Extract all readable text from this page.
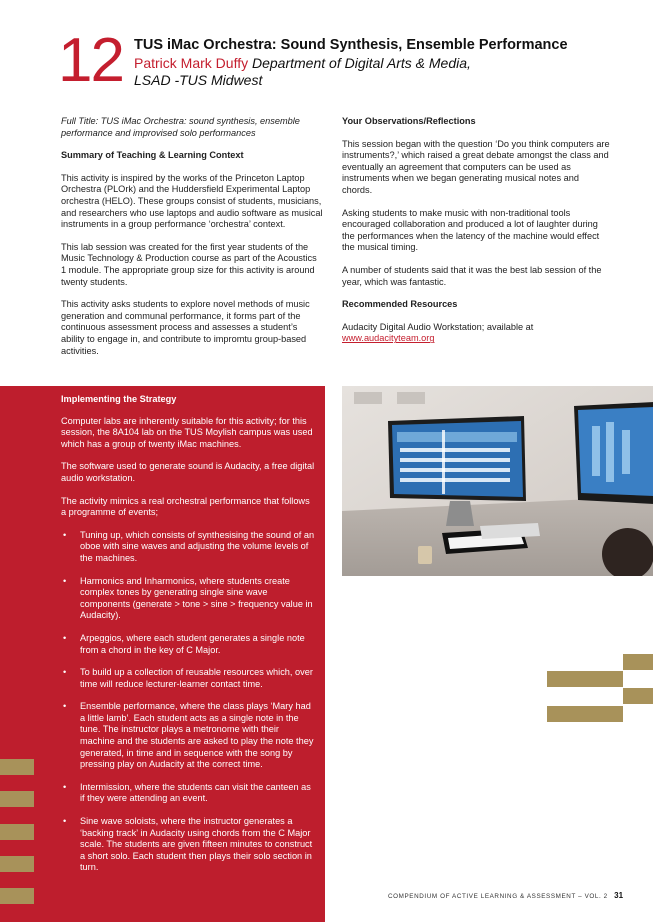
12 TUS iMac Orchestra: Sound Synthesis, Ensemble Performance
Patrick Mark Duffy Department of Digital Arts & Media,
LSAD -TUS Midwest

Full Title: TUS iMac Orchestra: sound synthesis, ensemble performance and improvised solo performances

Summary of Teaching & Learning Context

This activity is inspired by the works of the Princeton Laptop Orchestra (PLOrk) and the Huddersfield Experimental Laptop orchestra (HELO). These groups consist of students, musicians, and researchers who use laptops and audio software as musical instruments in a group performance ‘orchestra’ context.

This lab session was created for the first year students of the Music Technology & Production course as part of the Acoustics 1 module. The appropriate group size for this activity is around twenty students.

This activity asks students to explore novel methods of music generation and communal performance, it forms part of the continuous assessment process and assesses a student’s ability to engage in, and contribute to impromtu group-based activities.

Implementing the Strategy

Computer labs are inherently suitable for this activity; for this session, the 8A104 lab on the TUS Moylish campus was used which has a group of twenty iMac machines.

The software used to generate sound is Audacity, a free digital audio workstation.

The activity mimics a real orchestral performance that follows a programme of events;

• Tuning up, which consists of synthesising the sound of an oboe with sine waves and adjusting the volume levels of the machines.
• Harmonics and Inharmonics, where students create complex tones by generating single sine wave components (generate > tone > sine > frequency value in Audacity).
• Arpeggios, where each student generates a single note from a chord in the key of C Major.
• To build up a collection of reusable resources which, over time will reduce lecturer-learner contact time.
• Ensemble performance, where the class plays ‘Mary had a little lamb’. Each student acts as a single note in the tune. The instructor plays a metronome with their machine and the students are asked to play the note they generated, in time and in sequence with the song by pressing play on Audacity at the correct time.
• Intermission, where the students can visit the canteen as if they were attending an event.
• Sine wave soloists, where the instructor generates a ‘backing track’ in Audacity using chords from the C Major scale. The students are given fifteen minutes to construct a short solo. Each student then plays their solo section in turn.

Your Observations/Reflections

This session began with the question ‘Do you think computers are instruments?,’ which raised a great debate amongst the class and eventually an agreement that computers can be used as instruments when we began generating musical notes and chords.

Asking students to make music with non-traditional tools encouraged collaboration and produced a lot of laughter during the performances when the latency of the machine would effect the musical timing.

A number of students said that it was the best lab session of the year, which was fantastic.

Recommended Resources

Audacity Digital Audio Workstation; available at
www.audacityteam.org

COMPENDIUM OF ACTIVE LEARNING & ASSESSMENT – VOL. 2 31
